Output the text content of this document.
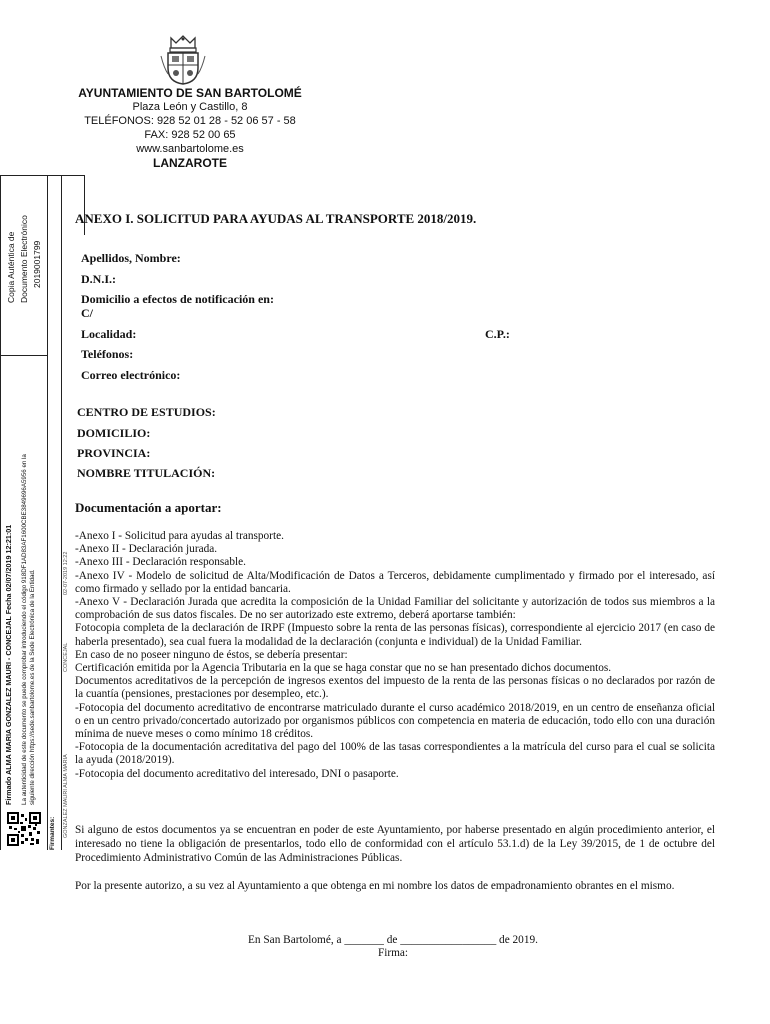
AYUNTAMIENTO DE SAN BARTOLOMÉ
Plaza León y Castillo, 8
TELÉFONOS: 928 52 01 28 - 52 06 57 - 58
FAX: 928 52 00 65
www.sanbartolome.es
LANZAROTE
Copia Auténtica de Documento Electrónico 2019001799
Firmado ALMA MARIA GONZALEZ MAURI - CONCEJAL Fecha 02/07/2019 12:21:01 La autenticidad de este documento se puede comprobar introduciendo el código 918DF1AD83AF1600CBE3849696A5956 en la siguiente dirección https://sede.sanbartolome.es de la Sede Electrónica de la Entidad.
Firmantes:
02-07-2019 12:22
CONCEJAL
GONZALEZ MAURI ALMA MARIA
ANEXO I. SOLICITUD PARA AYUDAS AL TRANSPORTE 2018/2019.
Apellidos, Nombre:
D.N.I.:
Domicilio a efectos de notificación en:
C/
Localidad:	C.P.:
Teléfonos:
Correo electrónico:
CENTRO DE ESTUDIOS:
DOMICILIO:
PROVINCIA:
NOMBRE TITULACIÓN:
Documentación a aportar:
-Anexo I - Solicitud para ayudas al transporte.
-Anexo II - Declaración jurada.
-Anexo III - Declaración responsable.
-Anexo IV - Modelo de solicitud de Alta/Modificación de Datos a Terceros, debidamente cumplimentado y firmado por el interesado, así como firmado y sellado por la entidad bancaria.
-Anexo V - Declaración Jurada que acredita la composición de la Unidad Familiar del solicitante y autorización de todos sus miembros a la comprobación de sus datos fiscales. De no ser autorizado este extremo, deberá aportarse también:
Fotocopia completa de la declaración de IRPF (Impuesto sobre la renta de las personas físicas), correspondiente al ejercicio 2017 (en caso de haberla presentado), sea cual fuera la modalidad de la declaración (conjunta e individual) de la Unidad Familiar.
En caso de no poseer ninguno de éstos, se debería presentar:
Certificación emitida por la Agencia Tributaria en la que se haga constar que no se han presentado dichos documentos.
Documentos acreditativos de la percepción de ingresos exentos del impuesto de la renta de las personas físicas o no declarados por razón de la cuantía (pensiones, prestaciones por desempleo, etc.).
-Fotocopia del documento acreditativo de encontrarse matriculado durante el curso académico 2018/2019, en un centro de enseñanza oficial o en un centro privado/concertado autorizado por organismos públicos con competencia en materia de educación, todo ello con una duración mínima de nueve meses o como mínimo 18 créditos.
-Fotocopia de la documentación acreditativa del pago del 100% de las tasas correspondientes a la matrícula del curso para el cual se solicita la ayuda (2018/2019).
-Fotocopia del documento acreditativo del interesado, DNI o pasaporte.
Si alguno de estos documentos ya se encuentran en poder de este Ayuntamiento, por haberse presentado en algún procedimiento anterior, el interesado no tiene la obligación de presentarlos, todo ello de conformidad con el artículo 53.1.d) de la Ley 39/2015, de 1 de octubre del Procedimiento Administrativo Común de las Administraciones Públicas.
Por la presente autorizo, a su vez al Ayuntamiento a que obtenga en mi nombre los datos de empadronamiento obrantes en el mismo.
En San Bartolomé, a _______ de _________________ de 2019.
Firma:
